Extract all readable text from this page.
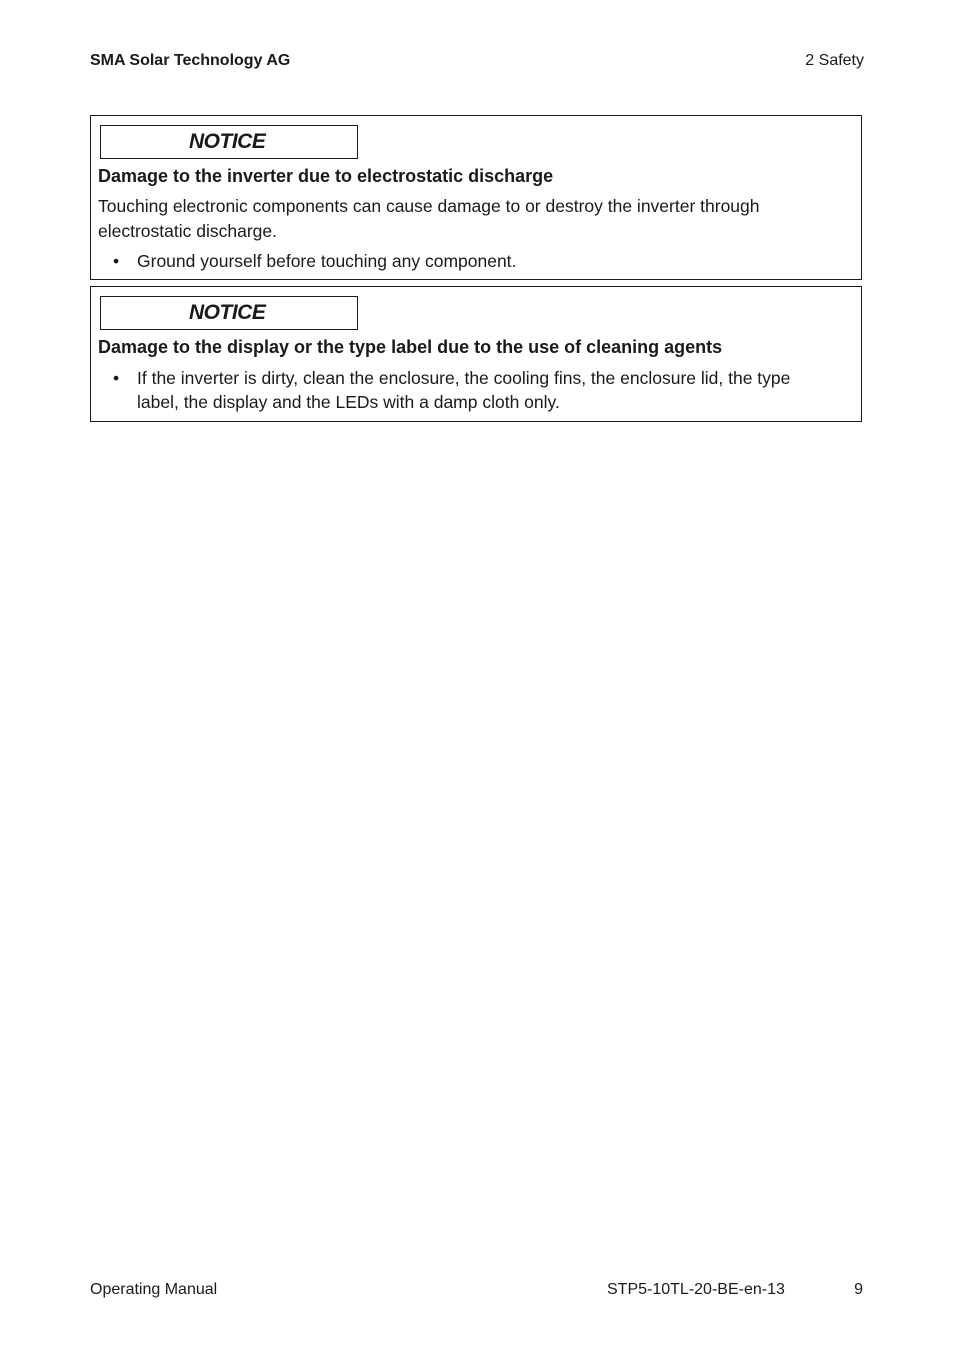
SMA Solar Technology AG	2 Safety
NOTICE
Damage to the inverter due to electrostatic discharge
Touching electronic components can cause damage to or destroy the inverter through electrostatic discharge.
• Ground yourself before touching any component.
NOTICE
Damage to the display or the type label due to the use of cleaning agents
• If the inverter is dirty, clean the enclosure, the cooling fins, the enclosure lid, the type label, the display and the LEDs with a damp cloth only.
Operating Manual	STP5-10TL-20-BE-en-13	9
